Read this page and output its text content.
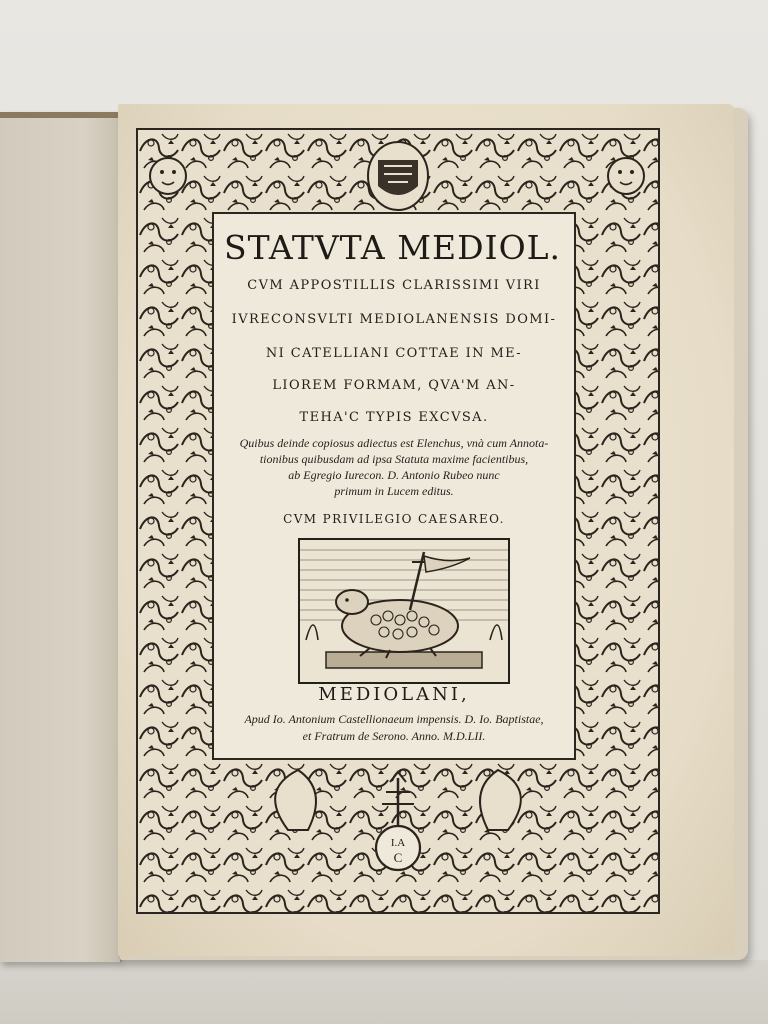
I.A
C
STATVTA MEDIOL.
CVM APPOSTILLIS CLARISSIMI VIRI
IVRECONSVLTI MEDIOLANENSIS DOMI-
NI CATELLIANI COTTAE IN ME-
LIOREM FORMAM, QVA'M AN-
TEHA'C TYPIS EXCVSA.
Quibus deinde copiosus adiectus est Elenchus, vnà cum Annota-
tionibus quibusdam ad ipsa Statuta maxime facientibus,
ab Egregio Iurecon. D. Antonio Rubeo nunc
primum in Lucem editus.
CVM PRIVILEGIO CAESAREO.
MEDIOLANI,
Apud Io. Antonium Castellionaeum impensis. D. Io. Baptistae,
et Fratrum de Serono. Anno. M.D.LII.
